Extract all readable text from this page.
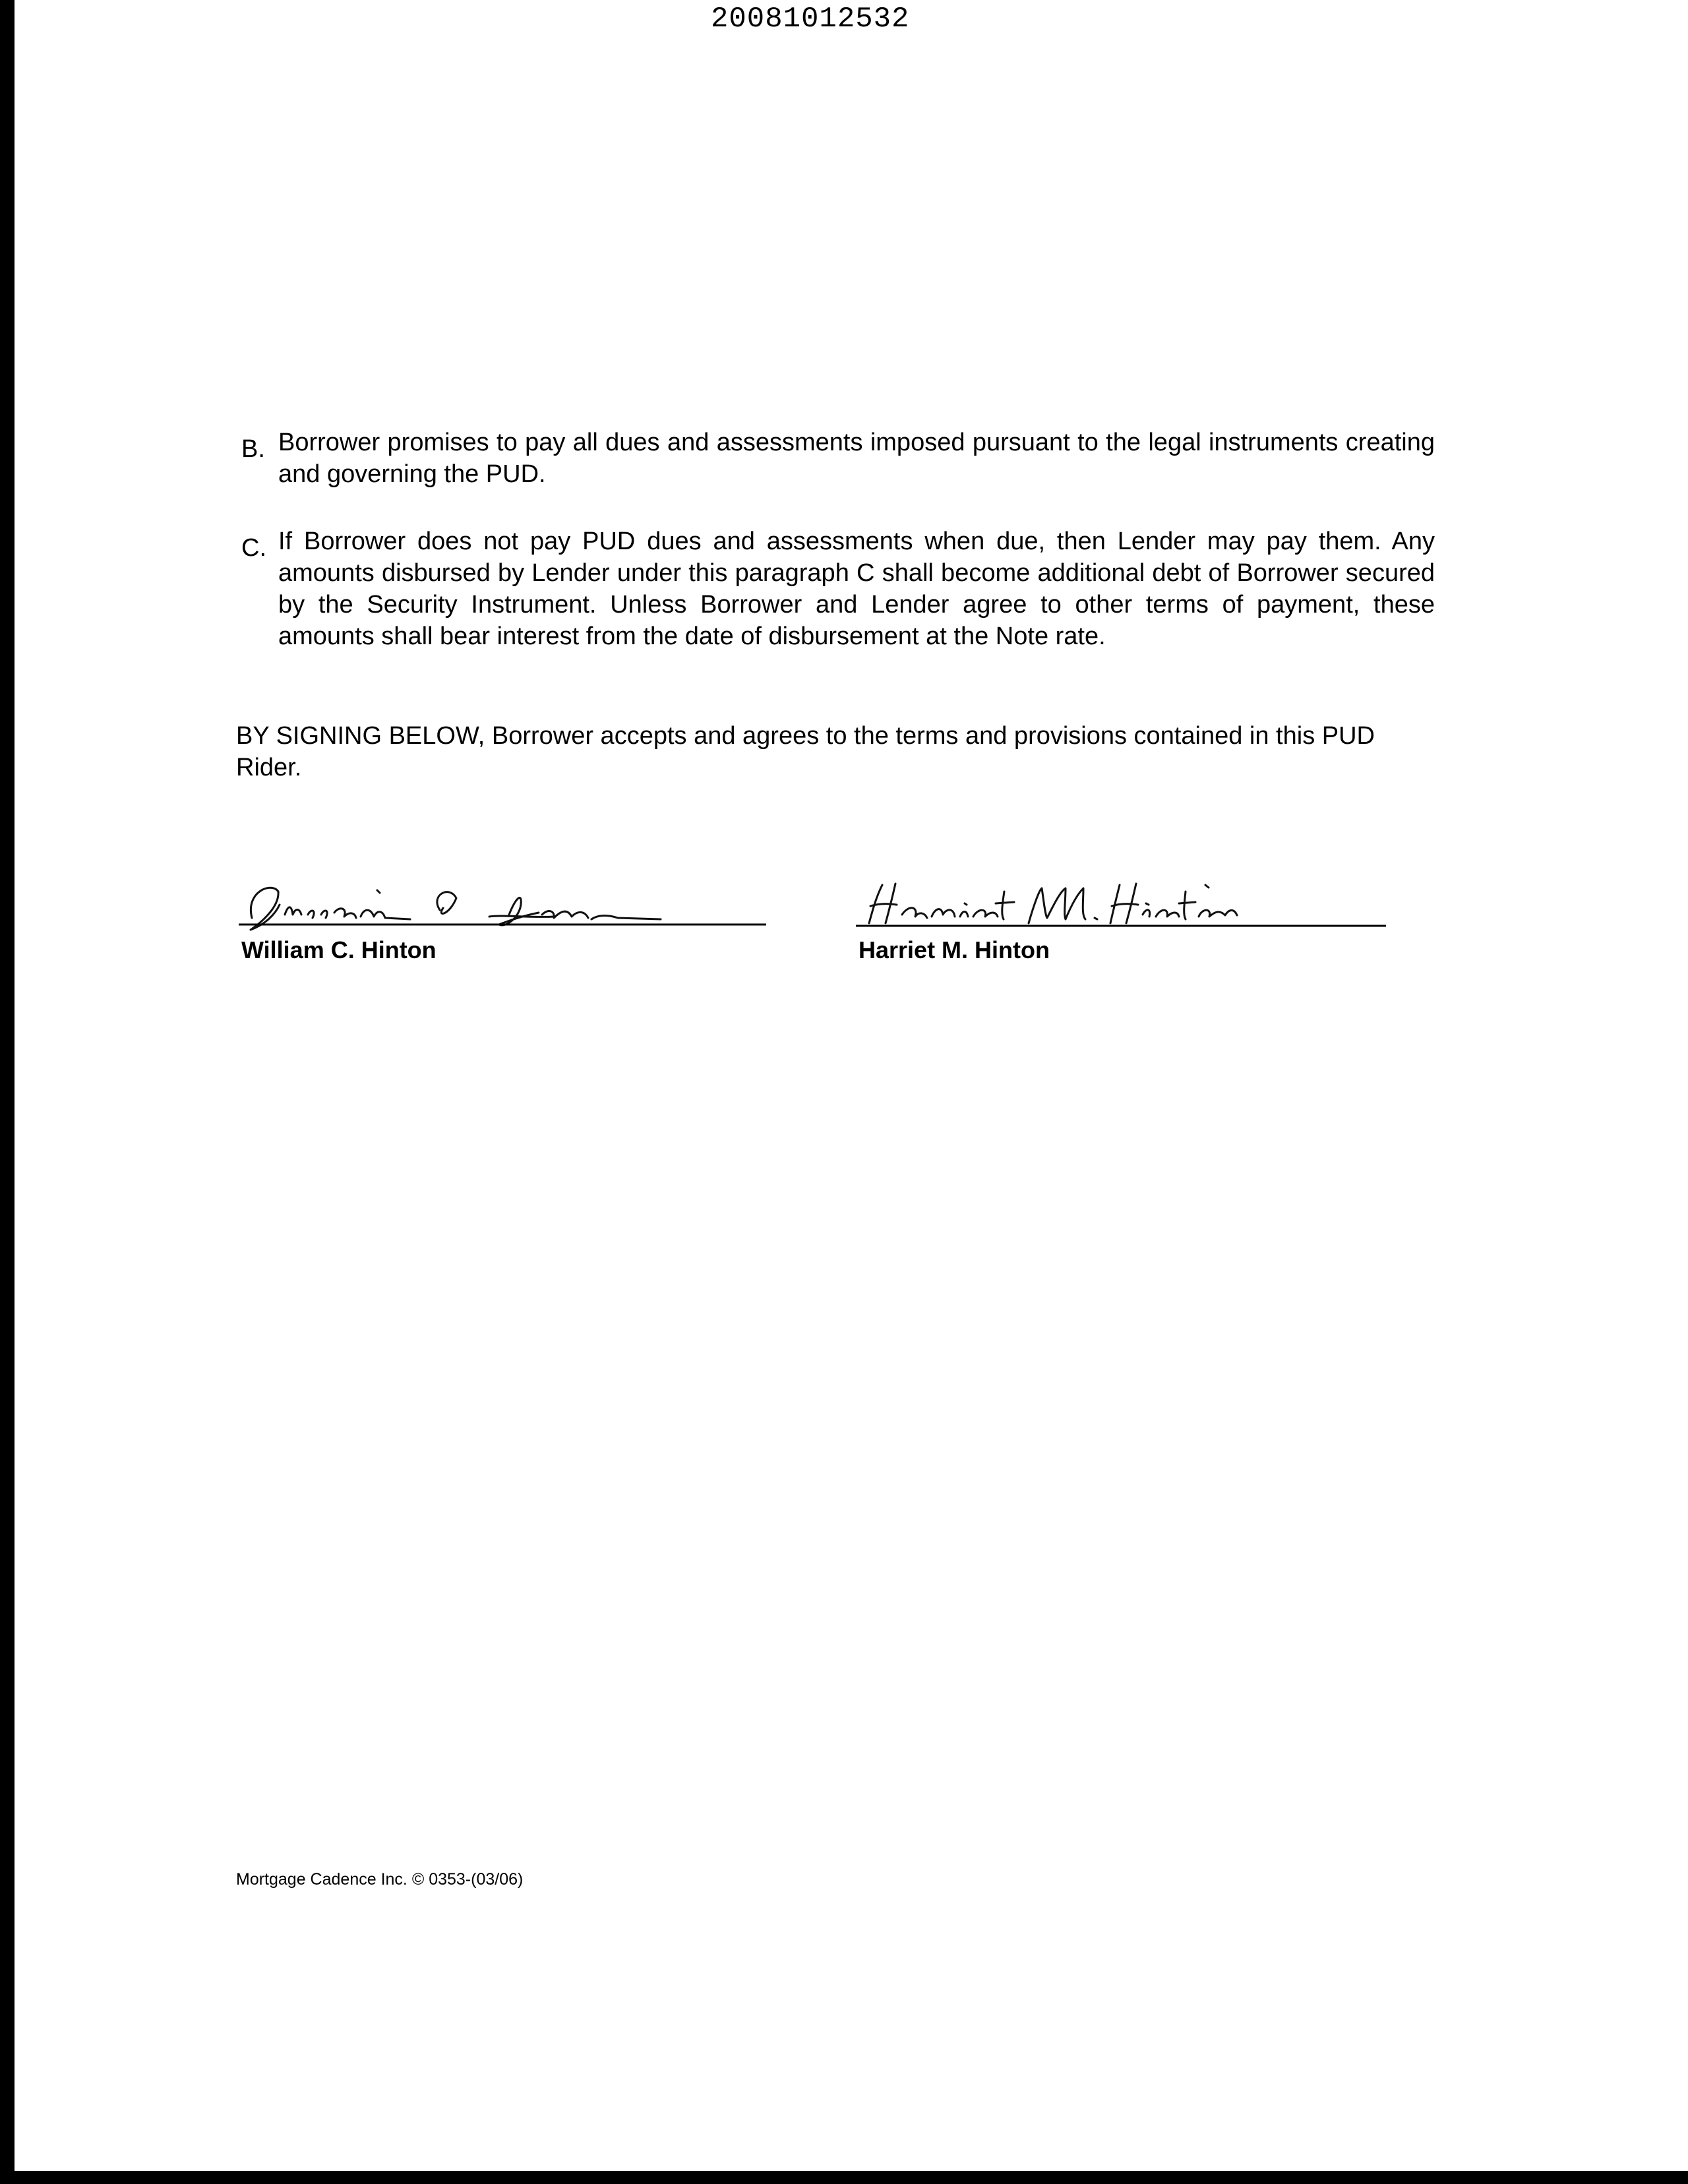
20081012532
B. Borrower promises to pay all dues and assessments imposed pursuant to the legal instruments creating and governing the PUD.
C. If Borrower does not pay PUD dues and assessments when due, then Lender may pay them. Any amounts disbursed by Lender under this paragraph C shall become additional debt of Borrower secured by the Security Instrument. Unless Borrower and Lender agree to other terms of payment, these amounts shall bear interest from the date of disbursement at the Note rate.
BY SIGNING BELOW, Borrower accepts and agrees to the terms and provisions contained in this PUD Rider.
William C. Hinton	Harriet M. Hinton
Mortgage Cadence Inc. © 0353-(03/06)
